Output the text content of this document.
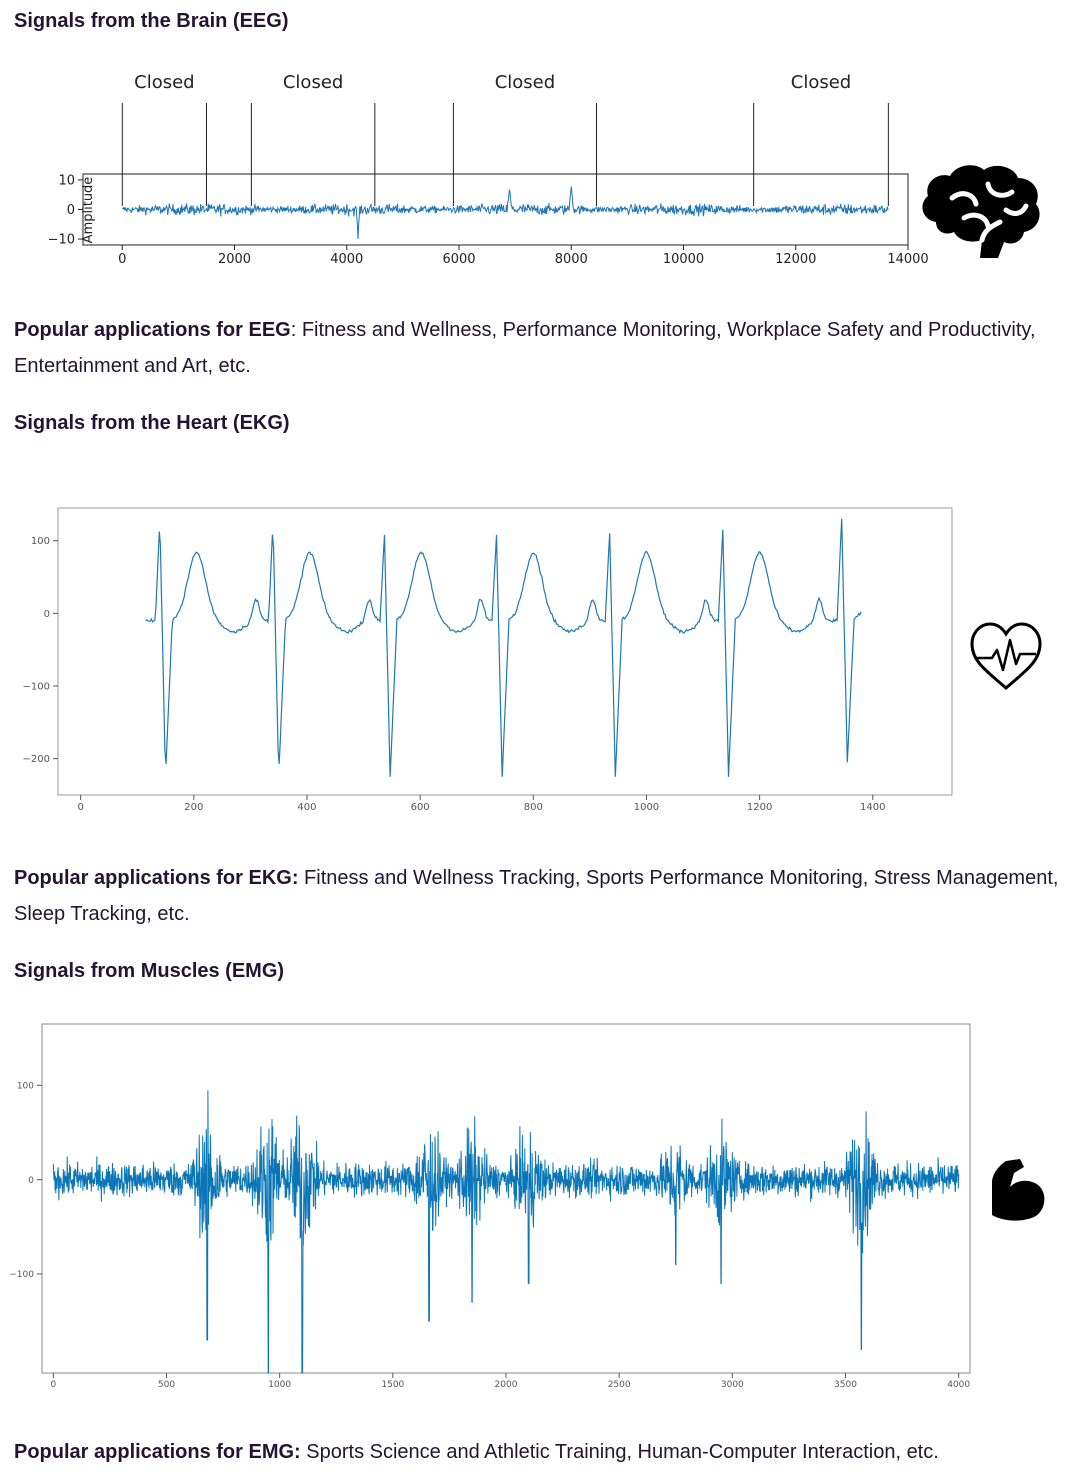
Signals from the Brain (EEG)
Closed	Closed	Closed	Closed
0	2000	4000	6000	8000	10000	12000	14000
10
0
−10 Amplitude

Popular applications for EEG: Fitness and Wellness, Performance Monitoring, Workplace Safety and Productivity, Entertainment and Art, etc.

Signals from the Heart (EKG)
0	200	400	600	800	1000	1200	1400
100
0
−100
−200

Popular applications for EKG: Fitness and Wellness Tracking, Sports Performance Monitoring, Stress Management, Sleep Tracking, etc.

Signals from Muscles (EMG)
0	500	1000	1500	2000	2500	3000	3500	4000
100
0
−100

Popular applications for EMG: Sports Science and Athletic Training, Human-Computer Interaction, etc.
